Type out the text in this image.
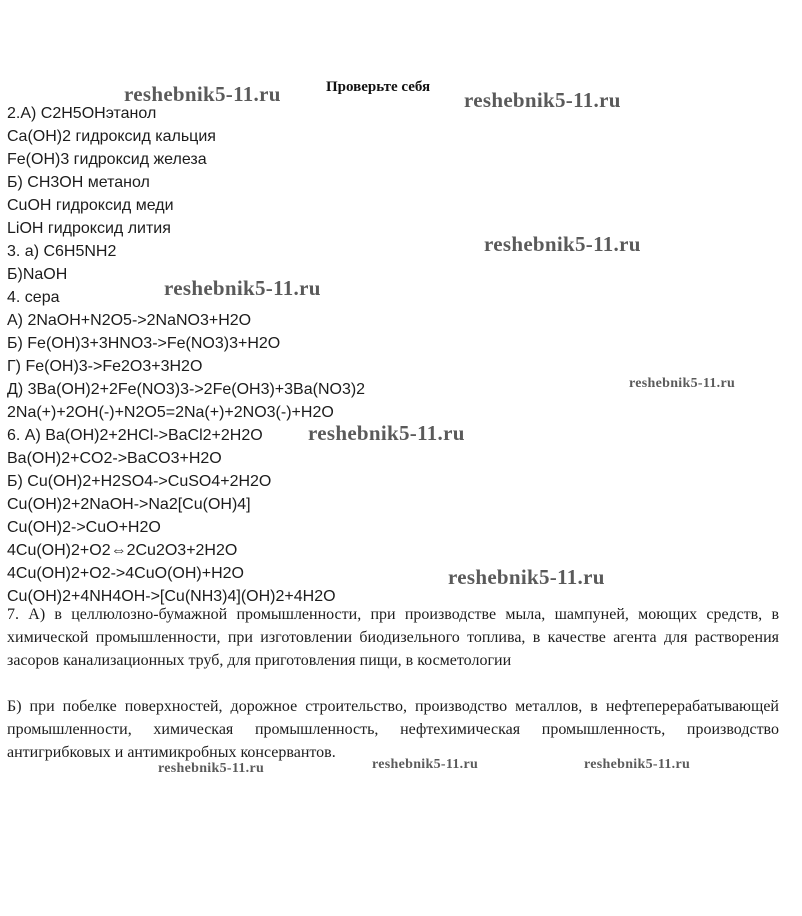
Проверьте себя
2.А) C2H5OHэтанол
Ca(OH)2 гидроксид кальция
Fe(OH)3 гидроксид железа
Б) CH3OH метанол
CuOH гидроксид меди
LiOH гидроксид лития
3. а) C6H5NH2
Б)NaOH
4. сера
А) 2NaOH+N2O5->2NaNO3+H2O
Б) Fe(OH)3+3HNO3->Fe(NO3)3+H2O
Г) Fe(OH)3->Fe2O3+3H2O
Д) 3Ba(OH)2+2Fe(NO3)3->2Fe(OH3)+3Ba(NO3)2
2Na(+)+2OH(-)+N2O5=2Na(+)+2NO3(-)+H2O
6. А) Ba(OH)2+2HCl->BaCl2+2H2O
Ba(OH)2+CO2->BaCO3+H2O
Б) Cu(OH)2+H2SO4->CuSO4+2H2O
Cu(OH)2+2NaOH->Na2[Cu(OH)4]
Cu(OH)2->CuO+H2O
4Cu(OH)2+O2⇔2Cu2O3+2H2O
4Cu(OH)2+O2->4CuO(OH)+H2O
Cu(OH)2+4NH4OH->[Cu(NH3)4](OH)2+4H2O
7. А) в целлюлозно-бумажной промышленности, при производстве мыла, шампуней, моющих средств, в химической промышленности, при изготовлении биодизельного топлива, в качестве агента для растворения засоров канализационных труб, для приготовления пищи, в косметологии
Б) при побелке поверхностей, дорожное строительство, производство металлов, в нефтеперерабатывающей промышленности, химическая промышленность, нефтехимическая промышленность, производство антигрибковых и антимикробных консервантов.
reshebnik5-11.ru	reshebnik5-11.ru
reshebnik5-11.ru
reshebnik5-11.ru
reshebnik5-11.ru
reshebnik5-11.ru
reshebnik5-11.ru
reshebnik5-11.ru	reshebnik5-11.ru	reshebnik5-11.ru
